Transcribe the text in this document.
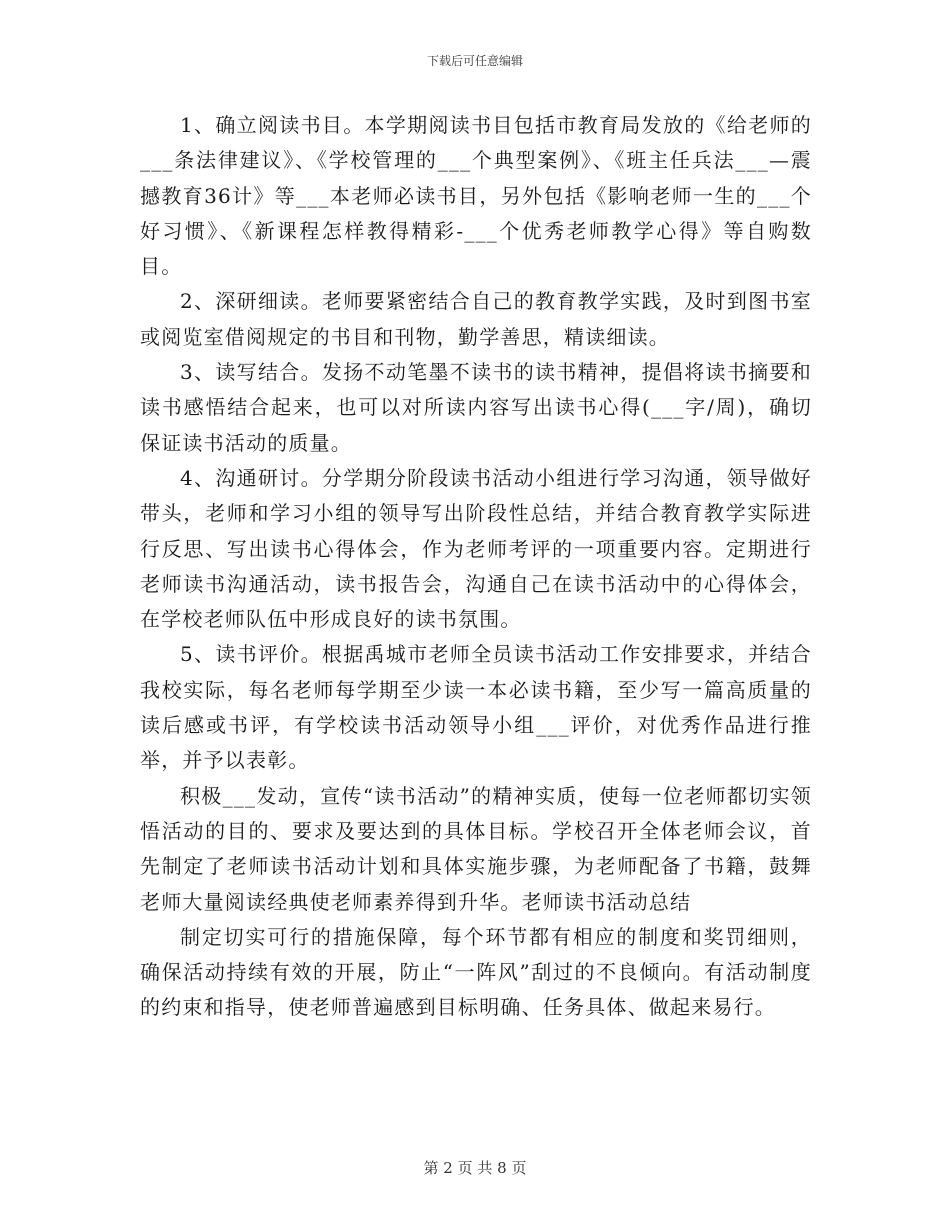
下载后可任意编辑

1、确立阅读书目。本学期阅读书目包括市教育局发放的《给老师的___条法律建议》、《学校管理的___个典型案例》、《班主任兵法___—震撼教育36计》等___本老师必读书目，另外包括《影响老师一生的___个好习惯》、《新课程怎样教得精彩-___个优秀老师教学心得》等自购数目。

2、深研细读。老师要紧密结合自己的教育教学实践，及时到图书室或阅览室借阅规定的书目和刊物，勤学善思，精读细读。

3、读写结合。发扬不动笔墨不读书的读书精神，提倡将读书摘要和读书感悟结合起来，也可以对所读内容写出读书心得(___字/周)，确切保证读书活动的质量。

4、沟通研讨。分学期分阶段读书活动小组进行学习沟通，领导做好带头，老师和学习小组的领导写出阶段性总结，并结合教育教学实际进行反思、写出读书心得体会，作为老师考评的一项重要内容。定期进行老师读书沟通活动，读书报告会，沟通自己在读书活动中的心得体会，在学校老师队伍中形成良好的读书氛围。

5、读书评价。根据禹城市老师全员读书活动工作安排要求，并结合我校实际，每名老师每学期至少读一本必读书籍，至少写一篇高质量的读后感或书评，有学校读书活动领导小组___评价，对优秀作品进行推举，并予以表彰。

积极___发动，宣传“读书活动”的精神实质，使每一位老师都切实领悟活动的目的、要求及要达到的具体目标。学校召开全体老师会议，首先制定了老师读书活动计划和具体实施步骤，为老师配备了书籍，鼓舞老师大量阅读经典使老师素养得到升华。老师读书活动总结

制定切实可行的措施保障，每个环节都有相应的制度和奖罚细则，确保活动持续有效的开展，防止“一阵风”刮过的不良倾向。有活动制度的约束和指导，使老师普遍感到目标明确、任务具体、做起来易行。

第 2 页 共 8 页
